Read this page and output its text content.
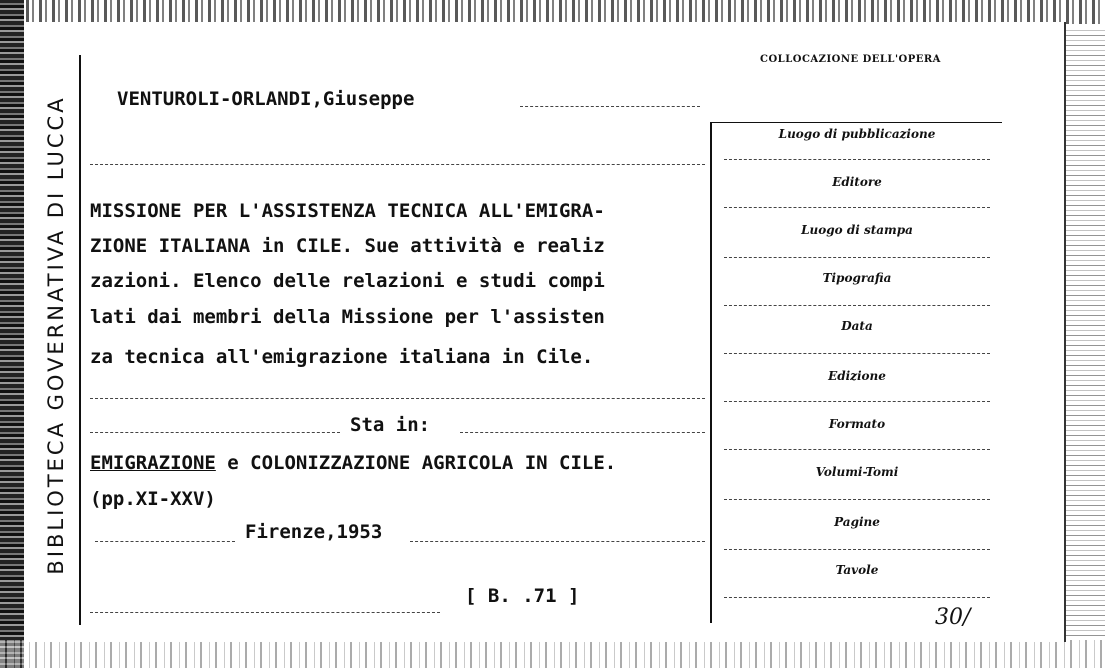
BIBLIOTECA GOVERNATIVA DI LUCCA
COLLOCAZIONE DELL'OPERA
VENTUROLI-ORLANDI,Giuseppe
MISSIONE PER L'ASSISTENZA TECNICA ALL'EMIGRA-
ZIONE ITALIANA in CILE. Sue attività e realiz
zazioni. Elenco delle relazioni e studi compi
lati dai membri della Missione per l'assisten
za tecnica all'emigrazione italiana in Cile.
Sta in:
EMIGRAZIONE e COLONIZZAZIONE AGRICOLA IN CILE.
(pp.XI-XXV)
Firenze,1953
[ B. .71 ]
Luogo di pubblicazione
Editore
Luogo di stampa
Tipografia
Data
Edizione
Formato
Volumi-Tomi
Pagine
Tavole
30/
